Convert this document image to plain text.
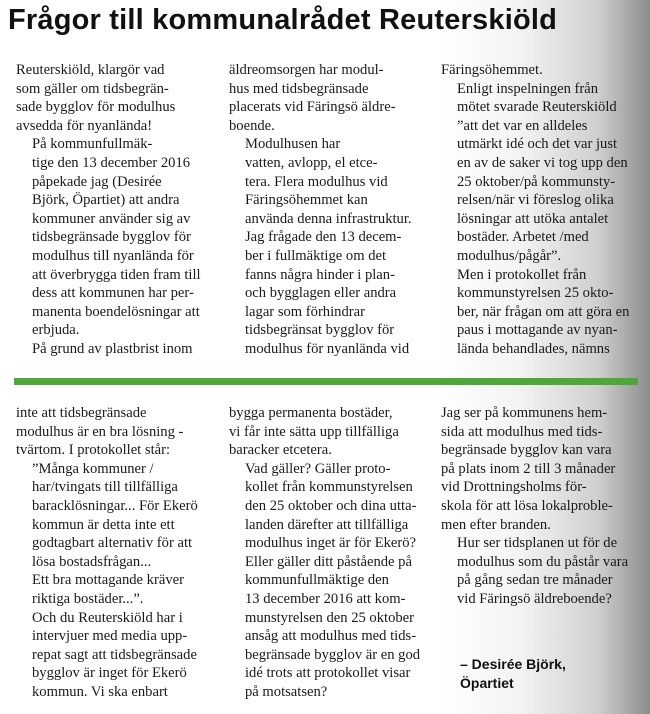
Frågor till kommunalrådet Reuterskiöld

Reuterskiöld, klargör vad
som gäller om tidsbegrän-
sade bygglov för modulhus
avsedda för nyanlända!

På kommunfullmäk-
tige den 13 december 2016
påpekade jag (Desirée
Björk, Öpartiet) att andra
kommuner använder sig av
tidsbegränsade bygglov för
modulhus till nyanlända för
att överbrygga tiden fram till
dess att kommunen har per-
manenta boendelösningar att
erbjuda.

På grund av plastbrist inom

äldreomsorgen har modul-
hus med tidsbegränsade
placerats vid Färingsö äldre-
boende.

Modulhusen har
vatten, avlopp, el etce-
tera. Flera modulhus vid
Färingsöhemmet kan
använda denna infrastruktur.

Jag frågade den 13 decem-
ber i fullmäktige om det
fanns några hinder i plan-
och bygglagen eller andra
lagar som förhindrar
tidsbegränsat bygglov för
modulhus för nyanlända vid

Färingsöhemmet.

Enligt inspelningen från
mötet svarade Reuterskiöld
”att det var en alldeles
utmärkt idé och det var just
en av de saker vi tog upp den
25 oktober/på kommunsty-
relsen/när vi föreslog olika
lösningar att utöka antalet
bostäder. Arbetet /med
modulhus/pågår”.

Men i protokollet från
kommunstyrelsen 25 okto-
ber, när frågan om att göra en
paus i mottagande av nyan-
lända behandlades, nämns

inte att tidsbegränsade
modulhus är en bra lösning -
tvärtom. I protokollet står:

”Många kommuner /
har/tvingats till tillfälliga
barack​lösningar... För Ekerö
kommun är detta inte ett
godtagbart alternativ för att
lösa bostadsfrågan...

Ett bra mottagande kräver
riktiga bostäder...”.

Och du Reuterskiöld har i
intervjuer med media upp-
repat sagt att tidsbegränsade
bygglov är inget för Ekerö
kommun. Vi ska enbart

bygga permanenta bostäder,
vi får inte sätta upp tillfälliga
baracker etcetera.

Vad gäller? Gäller proto-
kollet från kommunstyrelsen
den 25 oktober och dina utta-
landen därefter att tillfälliga
modulhus inget är för Ekerö?
Eller gäller ditt påstående på
kommunfullmäktige den
13 december 2016 att kom-
munstyrelsen den 25 oktober
ansåg att modulhus med tids-
begränsade bygglov är en god
idé trots att protokollet visar
på motsatsen?

Jag ser på kommunens hem-
sida att modulhus med tids-
begränsade bygglov kan vara
på plats inom 2 till 3 månader
vid Drottningsholms för-
skola för att lösa lokalproble-
men efter branden.

Hur ser tidsplanen ut för de
modulhus som du påstår vara
på gång sedan tre månader
vid Färingsö äldreboende?

– Desirée Björk,
Öpartiet
